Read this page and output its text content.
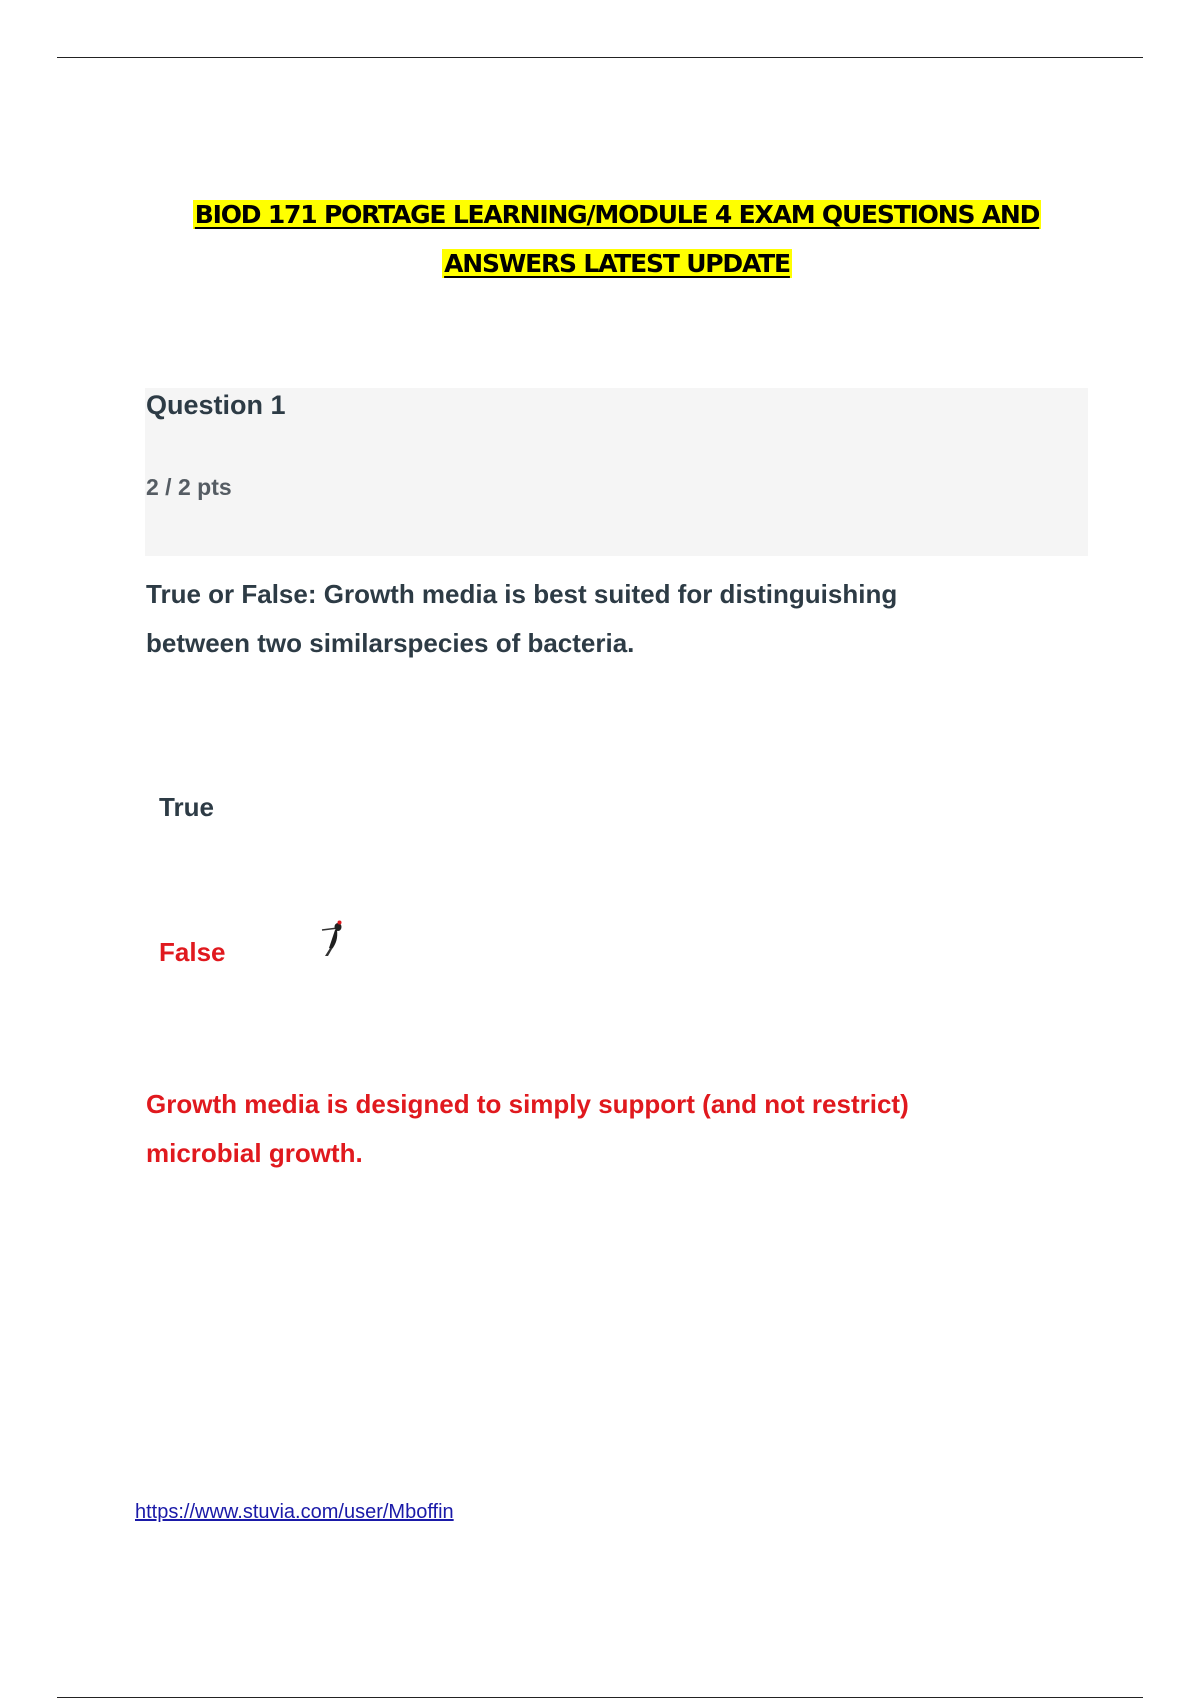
BIOD 171 PORTAGE LEARNING/MODULE 4 EXAM QUESTIONS AND
ANSWERS LATEST UPDATE
Question 1
2 / 2 pts
True or False: Growth media is best suited for distinguishing
between two similarspecies of bacteria.
True
False
Growth media is designed to simply support (and not restrict)
microbial growth.
https://www.stuvia.com/user/Mboffin
